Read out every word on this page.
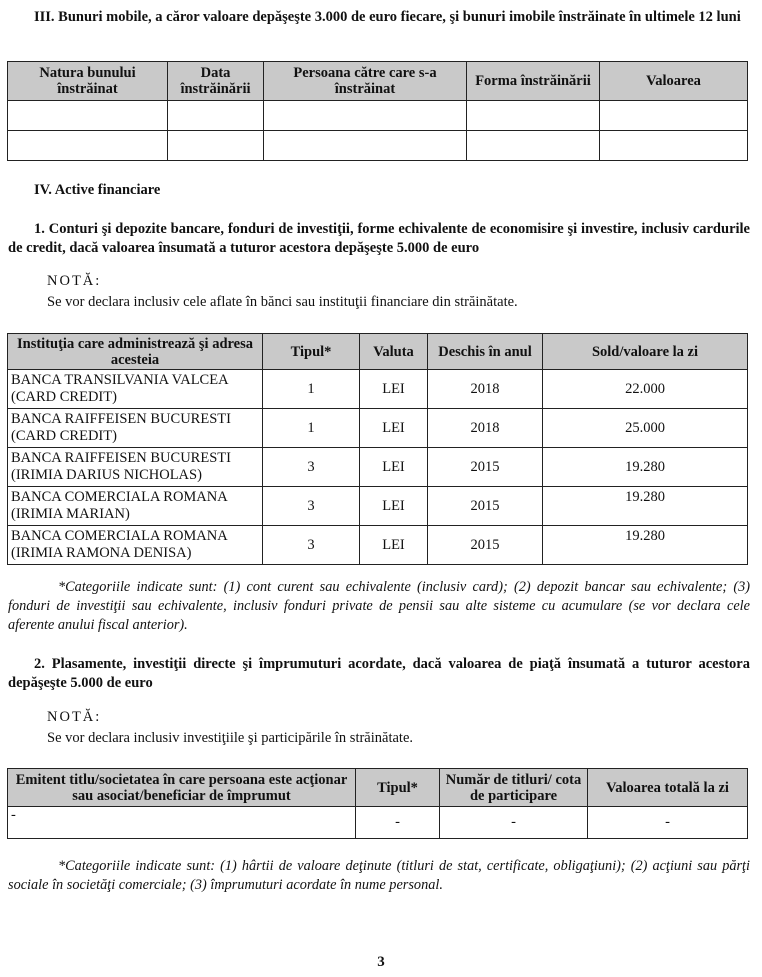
III. Bunuri mobile, a căror valoare depăşeşte 3.000 de euro fiecare, şi bunuri imobile înstrăinate în ultimele 12 luni
Natura bunului înstrăinat	Data înstrăinării	Persoana către care s-a înstrăinat	Forma înstrăinării	Valoarea

IV. Active financiare
1. Conturi şi depozite bancare, fonduri de investiţii, forme echivalente de economisire şi investire, inclusiv cardurile de credit, dacă valoarea însumată a tuturor acestora depăşeşte 5.000 de euro
NOTĂ:
Se vor declara inclusiv cele aflate în bănci sau instituţii financiare din străinătate.
Instituţia care administrează şi adresa acesteia	Tipul*	Valuta	Deschis în anul	Sold/valoare la zi
BANCA TRANSILVANIA VALCEA
(CARD CREDIT)	1	LEI	2018	22.000
BANCA RAIFFEISEN BUCURESTI
(CARD CREDIT)	1	LEI	2018	25.000
BANCA RAIFFEISEN BUCURESTI
(IRIMIA DARIUS NICHOLAS)	3	LEI	2015	19.280
BANCA COMERCIALA ROMANA
(IRIMIA MARIAN)	3	LEI	2015	19.280
BANCA COMERCIALA ROMANA
(IRIMIA RAMONA DENISA)	3	LEI	2015	19.280
*Categoriile indicate sunt: (1) cont curent sau echivalente (inclusiv card); (2) depozit bancar sau echivalente; (3) fonduri de investiţii sau echivalente, inclusiv fonduri private de pensii sau alte sisteme cu acumulare (se vor declara cele aferente anului fiscal anterior).
2. Plasamente, investiţii directe şi împrumuturi acordate, dacă valoarea de piaţă însumată a tuturor acestora depăşeşte 5.000 de euro
NOTĂ:
Se vor declara inclusiv investiţiile şi participările în străinătate.
Emitent titlu/societatea în care persoana este acţionar sau asociat/beneficiar de împrumut	Tipul*	Număr de titluri/ cota de participare	Valoarea totală la zi
-	-	-	-
*Categoriile indicate sunt: (1) hârtii de valoare deţinute (titluri de stat, certificate, obligaţiuni); (2) acţiuni sau părţi sociale în societăţi comerciale; (3) împrumuturi acordate în nume personal.
3
